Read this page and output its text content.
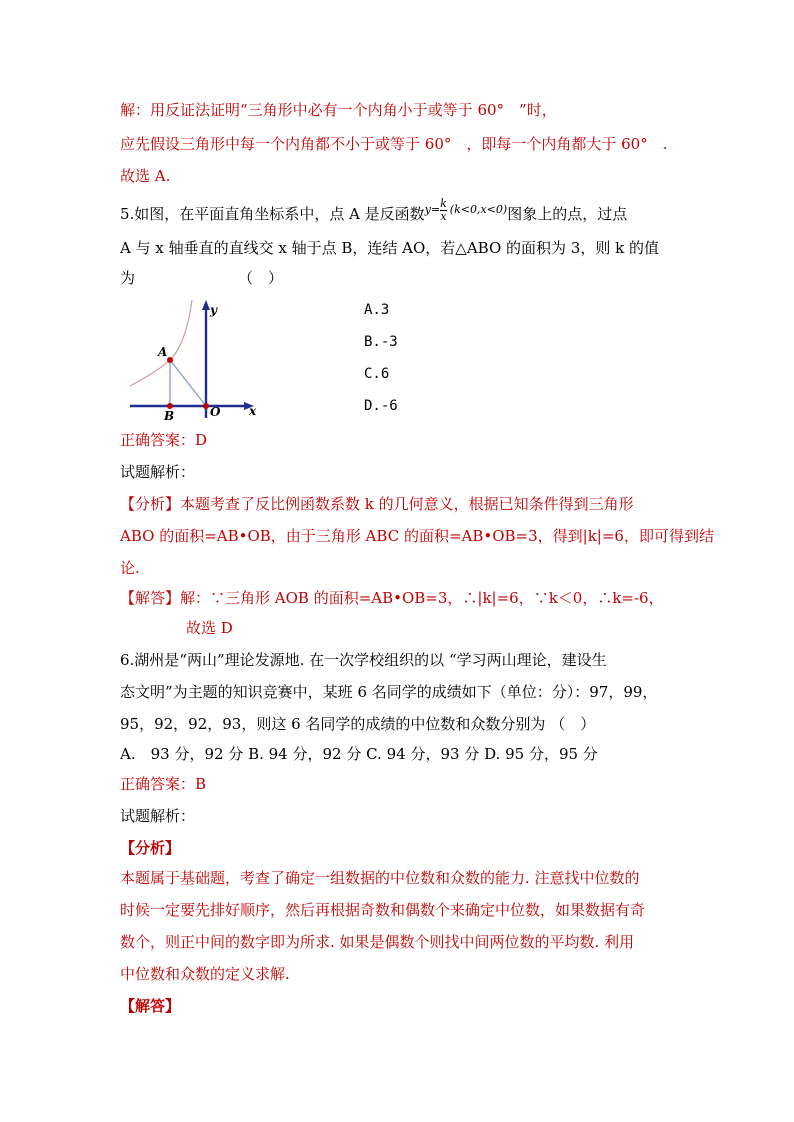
解：用反证法证明“三角形中必有一个内角小于或等于 60°　”时，
应先假设三角形中每一个内角都不小于或等于 60°　，即每一个内角都大于 60°　.
故选 A.
5.如图，在平面直角坐标系中，点 A 是反函数 $y= \frac{k}{x} (k<0,x<0)$ 图象上的点，过点
A 与 x 轴垂直的直线交 x 轴于点 B，连结 AO，若△ABO 的面积为 3，则 k 的值
为	（　）
y
x
A
B	O
A.3
B.-3
C.6
D.-6
正确答案：D
试题解析：
【分析】本题考查了反比例函数系数 k 的几何意义，根据已知条件得到三角形
ABO 的面积=AB•OB，由于三角形 ABC 的面积=AB•OB=3，得到|k|=6，即可得到结
论.
【解答】解：∵三角形 AOB 的面积=AB•OB=3，∴|k|=6，∵k＜0，∴k=-6，
故选 D
6.湖州是“两山”理论发源地. 在一次学校组织的以 “学习两山理论，建设生
态文明”为主题的知识竞赛中，某班 6 名同学的成绩如下（单位：分）：97，99，
95，92，92，93，则这 6 名同学的成绩的中位数和众数分别为 （　）
A.　93 分，92 分 B. 94 分，92 分 C. 94 分，93 分 D. 95 分，95 分
正确答案：B
试题解析：
【分析】
本题属于基础题，考查了确定一组数据的中位数和众数的能力. 注意找中位数的
时候一定要先排好顺序，然后再根据奇数和偶数个来确定中位数，如果数据有奇
数个，则正中间的数字即为所求. 如果是偶数个则找中间两位数的平均数. 利用
中位数和众数的定义求解.
【解答】
